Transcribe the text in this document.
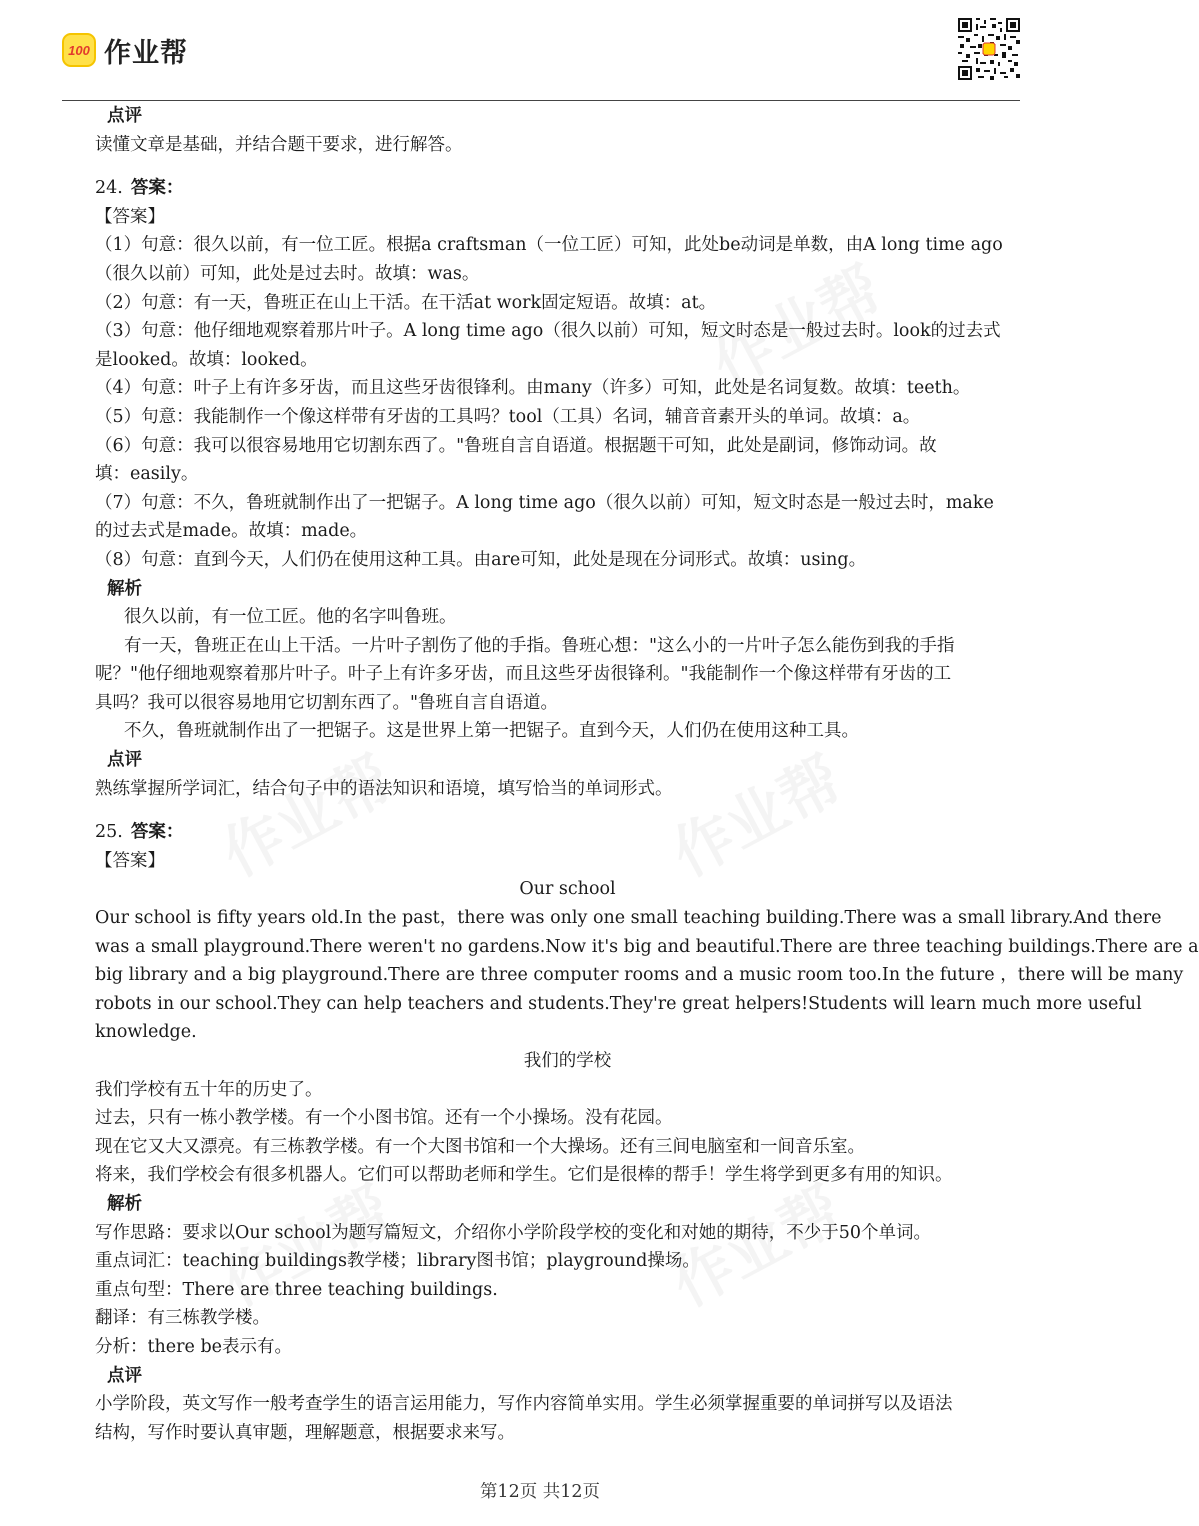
100 作业帮
点评
读懂文章是基础，并结合题干要求，进行解答。
24. 答案：
【答案】
（1）句意：很久以前，有一位工匠。根据a craftsman（一位工匠）可知，此处be动词是单数，由A long time ago
（很久以前）可知，此处是过去时。故填：was。
（2）句意：有一天，鲁班正在山上干活。在干活at work固定短语。故填：at。
（3）句意：他仔细地观察着那片叶子。A long time ago（很久以前）可知，短文时态是一般过去时。look的过去式
是looked。故填：looked。
（4）句意：叶子上有许多牙齿，而且这些牙齿很锋利。由many（许多）可知，此处是名词复数。故填：teeth。
（5）句意：我能制作一个像这样带有牙齿的工具吗？tool（工具）名词，辅音音素开头的单词。故填：a。
（6）句意：我可以很容易地用它切割东西了。"鲁班自言自语道。根据题干可知，此处是副词，修饰动词。故
填：easily。
（7）句意：不久，鲁班就制作出了一把锯子。A long time ago（很久以前）可知，短文时态是一般过去时，make
的过去式是made。故填：made。
（8）句意：直到今天，人们仍在使用这种工具。由are可知，此处是现在分词形式。故填：using。
解析
很久以前，有一位工匠。他的名字叫鲁班。
有一天，鲁班正在山上干活。一片叶子割伤了他的手指。鲁班心想："这么小的一片叶子怎么能伤到我的手指
呢？"他仔细地观察着那片叶子。叶子上有许多牙齿，而且这些牙齿很锋利。"我能制作一个像这样带有牙齿的工
具吗？我可以很容易地用它切割东西了。"鲁班自言自语道。
不久，鲁班就制作出了一把锯子。这是世界上第一把锯子。直到今天，人们仍在使用这种工具。
点评
熟练掌握所学词汇，结合句子中的语法知识和语境，填写恰当的单词形式。
25. 答案：
【答案】
Our school
Our school is fifty years old.In the past，there was only one small teaching building.There was a small library.And there
was a small playground.There weren't no gardens.Now it's big and beautiful.There are three teaching buildings.There are a
big library and a big playground.There are three computer rooms and a music room too.In the future ，there will be many
robots in our school.They can help teachers and students.They're great helpers!Students will learn much more useful
knowledge.
我们的学校
我们学校有五十年的历史了。
过去，只有一栋小教学楼。有一个小图书馆。还有一个小操场。没有花园。
现在它又大又漂亮。有三栋教学楼。有一个大图书馆和一个大操场。还有三间电脑室和一间音乐室。
将来，我们学校会有很多机器人。它们可以帮助老师和学生。它们是很棒的帮手！学生将学到更多有用的知识。
解析
写作思路：要求以Our school为题写篇短文，介绍你小学阶段学校的变化和对她的期待，不少于50个单词。
重点词汇：teaching buildings教学楼；library图书馆；playground操场。
重点句型：There are three teaching buildings.
翻译：有三栋教学楼。
分析：there be表示有。
点评
小学阶段，英文写作一般考查学生的语言运用能力，写作内容简单实用。学生必须掌握重要的单词拼写以及语法
结构，写作时要认真审题，理解题意，根据要求来写。
第12页 共12页
